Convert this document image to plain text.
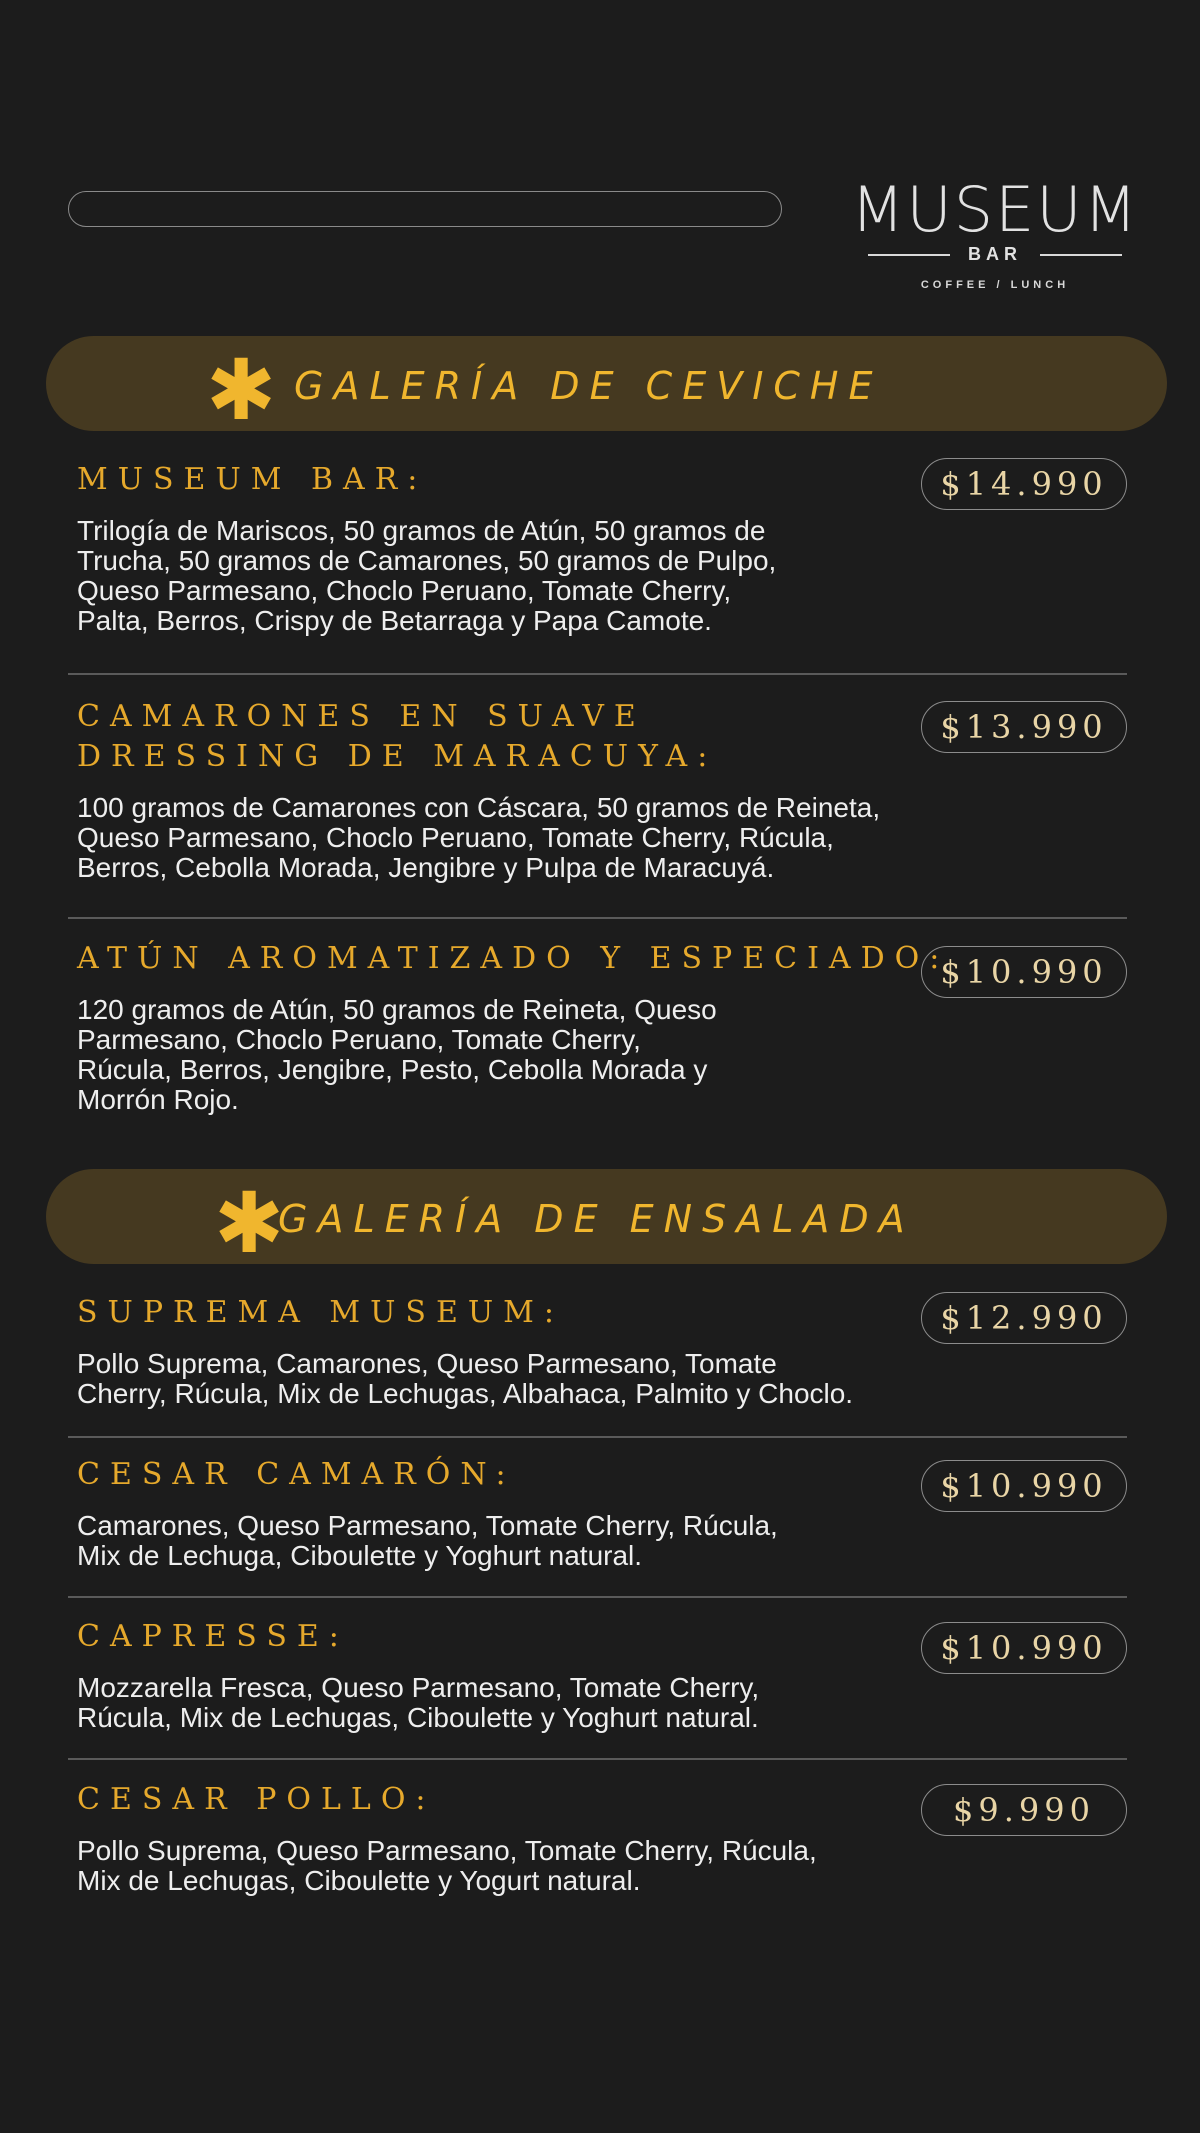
MUSEUM
BAR
COFFEE / LUNCH
✱ GALERÍA DE CEVICHE
MUSEUM BAR:
Trilogía de Mariscos, 50 gramos de Atún, 50 gramos de
Trucha, 50 gramos de Camarones, 50 gramos de Pulpo,
Queso Parmesano, Choclo Peruano, Tomate Cherry,
Palta, Berros, Crispy de Betarraga y Papa Camote.
$14.990
CAMARONES EN SUAVE
DRESSING DE MARACUYA:
100 gramos de Camarones con Cáscara, 50 gramos de Reineta,
Queso Parmesano, Choclo Peruano, Tomate Cherry, Rúcula,
Berros, Cebolla Morada, Jengibre y Pulpa de Maracuyá.
$13.990
ATÚN AROMATIZADO Y ESPECIADO:
120 gramos de Atún, 50 gramos de Reineta, Queso
Parmesano, Choclo Peruano, Tomate Cherry,
Rúcula, Berros, Jengibre, Pesto, Cebolla Morada y
Morrón Rojo.
$10.990
✱
GALERÍA DE ENSALADA
SUPREMA MUSEUM:
Pollo Suprema, Camarones, Queso Parmesano, Tomate
Cherry, Rúcula, Mix de Lechugas, Albahaca, Palmito y Choclo.
$12.990
CESAR CAMARÓN:
Camarones, Queso Parmesano, Tomate Cherry, Rúcula,
Mix de Lechuga, Ciboulette y Yoghurt natural.
$10.990
CAPRESSE:
Mozzarella Fresca, Queso Parmesano, Tomate Cherry,
Rúcula, Mix de Lechugas, Ciboulette y Yoghurt natural.
$10.990
CESAR POLLO:
Pollo Suprema, Queso Parmesano, Tomate Cherry, Rúcula,
Mix de Lechugas, Ciboulette y Yogurt natural.
$9.990
